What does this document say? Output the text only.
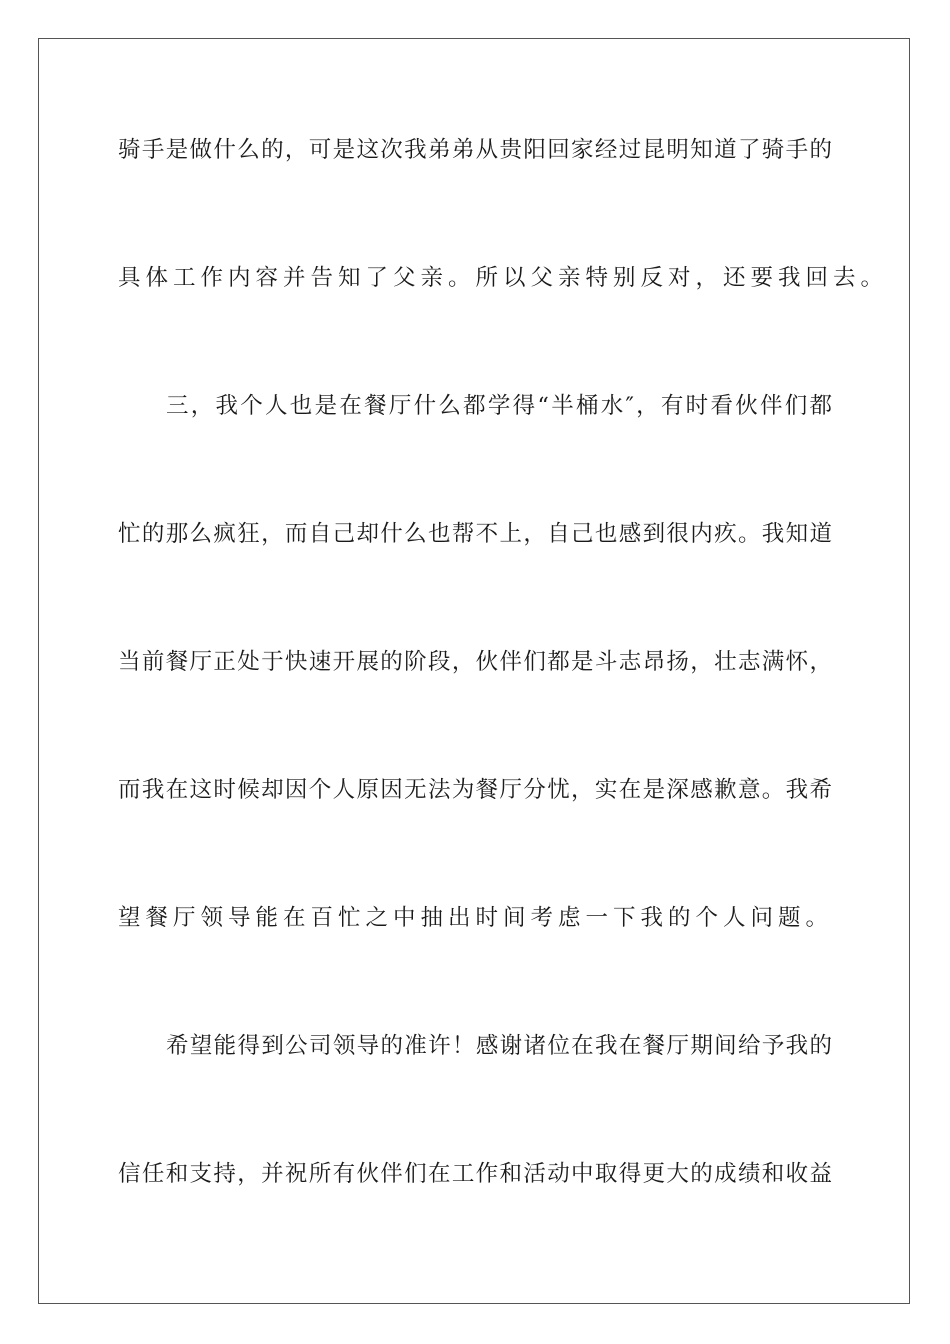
骑手是做什么的，可是这次我弟弟从贵阳回家经过昆明知道了骑手的
具体工作内容并告知了父亲。所以父亲特别反对，还要我回去。
三，我个人也是在餐厅什么都学得“半桶水″，有时看伙伴们都
忙的那么疯狂，而自己却什么也帮不上，自己也感到很内疚。我知道
当前餐厅正处于快速开展的阶段，伙伴们都是斗志昂扬，壮志满怀，
而我在这时候却因个人原因无法为餐厅分忧，实在是深感歉意。我希
望餐厅领导能在百忙之中抽出时间考虑一下我的个人问题。
希望能得到公司领导的准许！感谢诸位在我在餐厅期间给予我的
信任和支持，并祝所有伙伴们在工作和活动中取得更大的成绩和收益
